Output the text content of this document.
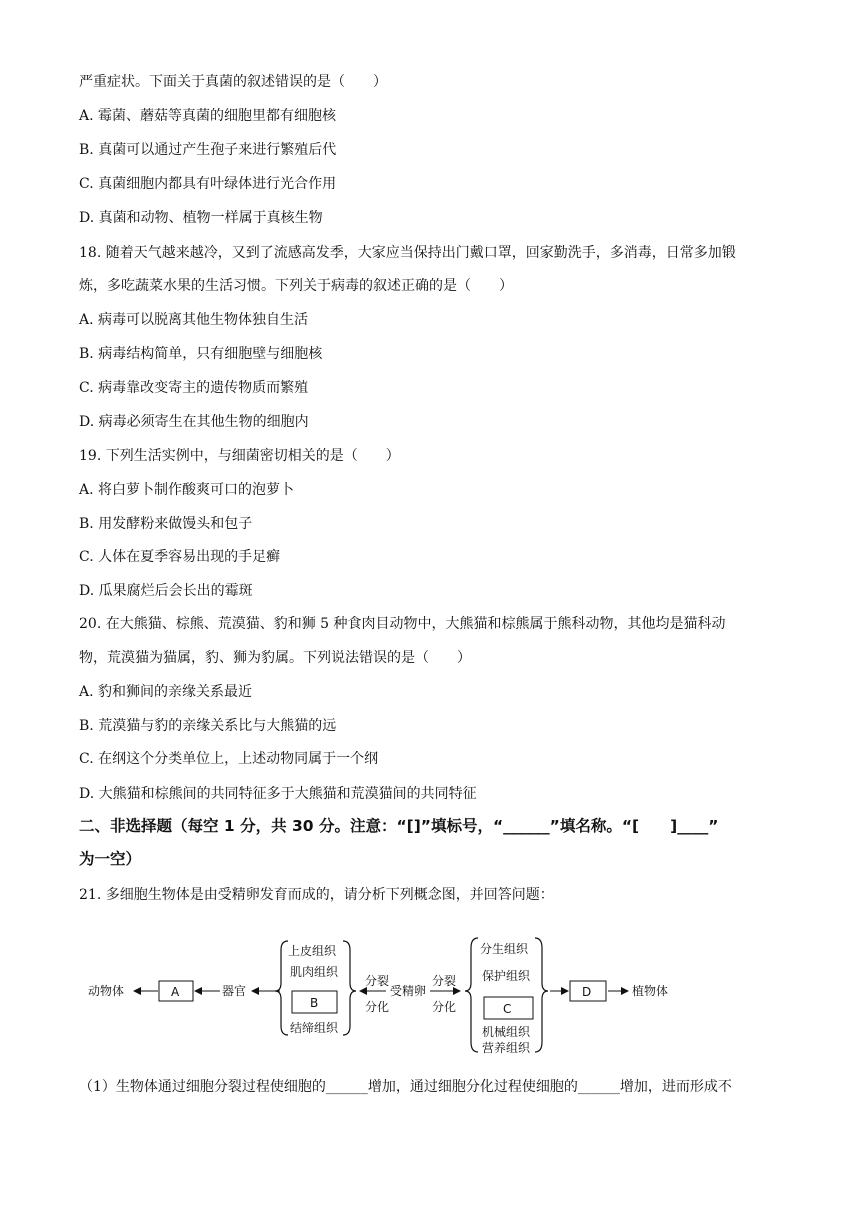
严重症状。下面关于真菌的叙述错误的是（　　）
A. 霉菌、蘑菇等真菌的细胞里都有细胞核
B. 真菌可以通过产生孢子来进行繁殖后代
C. 真菌细胞内都具有叶绿体进行光合作用
D. 真菌和动物、植物一样属于真核生物
18. 随着天气越来越冷，又到了流感高发季，大家应当保持出门戴口罩，回家勤洗手，多消毒，日常多加锻
炼，多吃蔬菜水果的生活习惯。下列关于病毒的叙述正确的是（　　）
A. 病毒可以脱离其他生物体独自生活
B. 病毒结构简单，只有细胞壁与细胞核
C. 病毒靠改变寄主的遗传物质而繁殖
D. 病毒必须寄生在其他生物的细胞内
19. 下列生活实例中，与细菌密切相关的是（　　）
A. 将白萝卜制作酸爽可口的泡萝卜
B. 用发酵粉来做馒头和包子
C. 人体在夏季容易出现的手足癣
D. 瓜果腐烂后会长出的霉斑
20. 在大熊猫、棕熊、荒漠猫、豹和狮 5 种食肉目动物中，大熊猫和棕熊属于熊科动物，其他均是猫科动
物，荒漠猫为猫属，豹、狮为豹属。下列说法错误的是（　　）
A. 豹和狮间的亲缘关系最近
B. 荒漠猫与豹的亲缘关系比与大熊猫的远
C. 在纲这个分类单位上，上述动物同属于一个纲
D. 大熊猫和棕熊间的共同特征多于大熊猫和荒漠猫间的共同特征
二、非选择题（每空 1 分，共 30 分。注意：“[]”填标号，“______”填名称。“[　　]____”
为一空）
21. 多细胞生物体是由受精卵发育而成的，请分析下列概念图，并回答问题：
（1）生物体通过细胞分裂过程使细胞的______增加，通过细胞分化过程使细胞的______增加，进而形成不
动物体	A	器官
上皮组织
肌肉组织
B
结缔组织
分裂
分化
受精卵
分裂
分化
分生组织
保护组织
C
机械组织
营养组织
D	植物体
